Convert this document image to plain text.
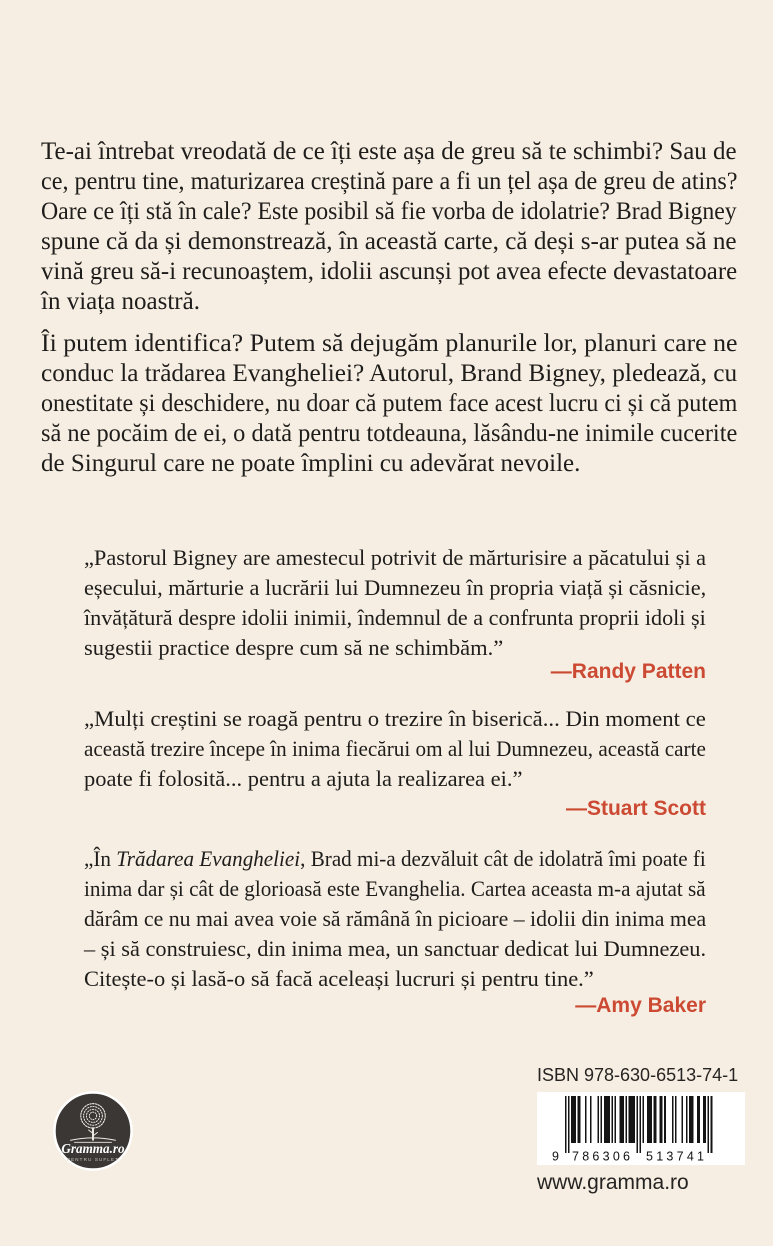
Te-ai întrebat vreodată de ce îți este așa de greu să te schimbi? Sau de
ce, pentru tine, maturizarea creștină pare a fi un țel așa de greu de atins?
Oare ce îți stă în cale? Este posibil să fie vorba de idolatrie? Brad Bigney
spune că da și demonstrează, în această carte, că deși s-ar putea să ne
vină greu să-i recunoaștem, idolii ascunși pot avea efecte devastatoare
în viața noastră.
Îi putem identifica? Putem să dejugăm planurile lor, planuri care ne
conduc la trădarea Evangheliei? Autorul, Brand Bigney, pledează, cu
onestitate și deschidere, nu doar că putem face acest lucru ci și că putem
să ne pocăim de ei, o dată pentru totdeauna, lăsându-ne inimile cucerite
de Singurul care ne poate împlini cu adevărat nevoile.
„Pastorul Bigney are amestecul potrivit de mărturisire a păcatului și a
eșecului, mărturie a lucrării lui Dumnezeu în propria viață și căsnicie,
învățătură despre idolii inimii, îndemnul de a confrunta proprii idoli și
sugestii practice despre cum să ne schimbăm.”
—Randy Patten
„Mulți creștini se roagă pentru o trezire în biserică... Din moment ce
această trezire începe în inima fiecărui om al lui Dumnezeu, această carte
poate fi folosită... pentru a ajuta la realizarea ei.”
—Stuart Scott
„În Trădarea Evangheliei, Brad mi-a dezvăluit cât de idolatră îmi poate fi
inima dar și cât de glorioasă este Evanghelia. Cartea aceasta m-a ajutat să
dărâm ce nu mai avea voie să rămână în picioare – idolii din inima mea
– și să construiesc, din inima mea, un sanctuar dedicat lui Dumnezeu.
Citește-o și lasă-o să facă aceleași lucruri și pentru tine.”
—Amy Baker
Gramma.ro
PENTRU SUFLET
ISBN 978-630-6513-74-1
9 786306 513741
www.gramma.ro
